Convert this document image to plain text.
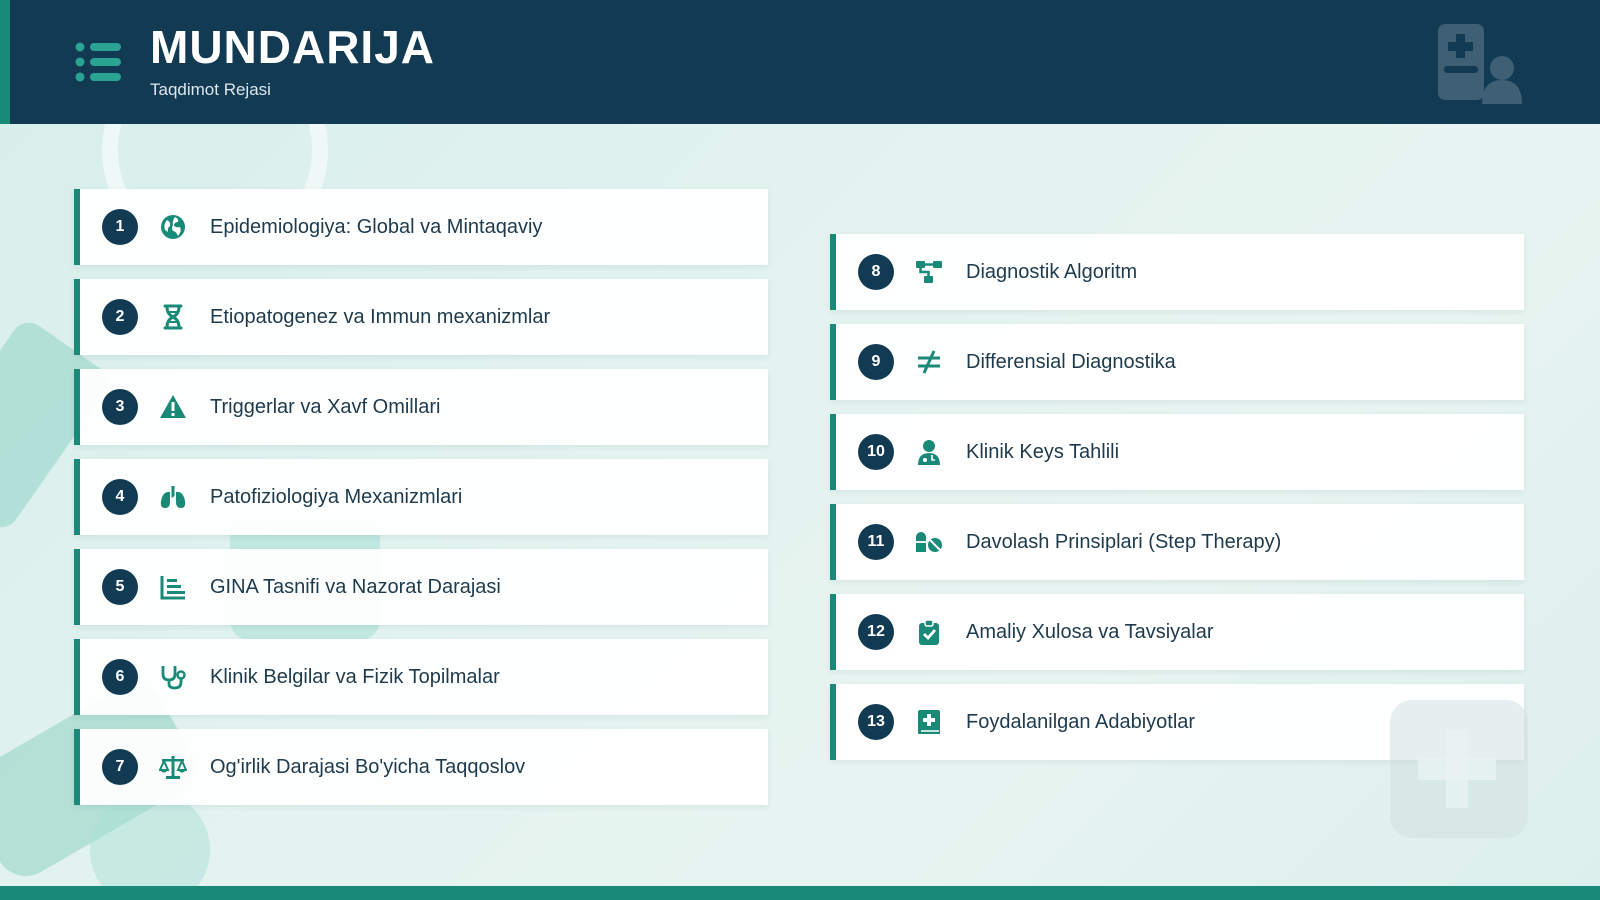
MUNDARIJA
Taqdimot Rejasi
1	Epidemiologiya: Global va Mintaqaviy
2	Etiopatogenez va Immun mexanizmlar
3	Triggerlar va Xavf Omillari
4	Patofiziologiya Mexanizmlari
5	GINA Tasnifi va Nazorat Darajasi
6	Klinik Belgilar va Fizik Topilmalar
7	Og'irlik Darajasi Bo'yicha Taqqoslov
8	Diagnostik Algoritm
9	Differensial Diagnostika
10	Klinik Keys Tahlili
11	Davolash Prinsiplari (Step Therapy)
12	Amaliy Xulosa va Tavsiyalar
13	Foydalanilgan Adabiyotlar
